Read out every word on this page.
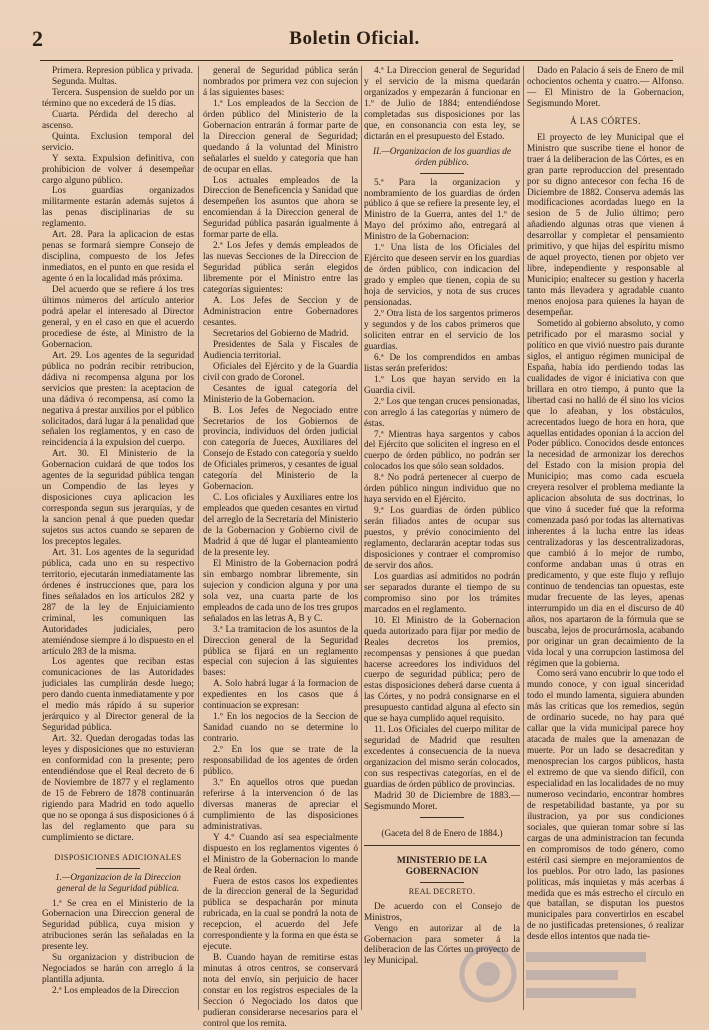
2	Boletin Oficial.

Primera. Represion pública y privada.

Segunda. Multas.

Tercera. Suspension de sueldo por un término que no excederá de 15 días.

Cuarta. Pérdida del derecho al ascenso.

Quinta. Exclusion temporal del servicio.

Y sexta. Expulsion definitiva, con prohibicion de volver á desempeñar cargo alguno público.

Los guardias organizados militarmente estarán además sujetos á las penas disciplinarias de su reglamento.

Art. 28. Para la aplicacion de estas penas se formará siempre Consejo de disciplina, compuesto de los Jefes inmediatos, en el punto en que resida el agente ó en la localidad más próxima.

Del acuerdo que se refiere á los tres últimos números del artículo anterior podrá apelar el interesado al Director general, y en el caso en que el acuerdo procediese de éste, al Ministro de la Gobernacion.

Art. 29. Los agentes de la seguridad pública no podrán recibir retribucion, dádiva ni recompensa alguna por los servicios que presten: la aceptacion de una dádiva ó recompensa, así como la negativa á prestar auxilios por el público solicitados, dará lugar á la penalidad que señalen los reglamentos, y en caso de reincidencia á la expulsion del cuerpo.

Art. 30. El Ministerio de la Gobernacion cuidará de que todos los agentes de la seguridad pública tengan un Compendio de las leyes y disposiciones cuya aplicacion les corresponda segun sus jerarquías, y de la sancion penal á que pueden quedar sujetos sus actos cuando se separen de los preceptos legales.

Art. 31. Los agentes de la seguridad pública, cada uno en su respectivo territorio, ejecutarán inmediatamente las órdenes é instrucciones que, para los fines señalados en los artículos 282 y 287 de la ley de Enjuiciamiento criminal, les comuniquen las Autoridades judiciales, pero atemiéndose siempre á lo dispuesto en el artículo 283 de la misma.

Los agentes que reciban estas comunicaciones de las Autoridades judiciales las cumplirán desde luego; pero dando cuenta inmediatamente y por el medio más rápido á su superior jerárquico y al Director general de la Seguridad pública.

Art. 32. Quedan derogadas todas las leyes y disposiciones que no estuvieran en conformidad con la presente; pero entendiéndose que el Real decreto de 6 de Noviembre de 1877 y el reglamento de 15 de Febrero de 1878 continuarán rigiendo para Madrid en todo aquello que no se oponga á sus disposiciones ó á las del reglamento que para su cumplimiento se dictare.

DISPOSICIONES ADICIONALES
1.—Organizacion de la Direccion general de la Seguridad pública.

1.ª Se crea en el Ministerio de la Gobernacion una Direccion general de Seguridad pública, cuya mision y atribuciones serán las señaladas en la presente ley.

Su organizacion y distribucion de Negociados se harán con arreglo á la plantilla adjunta.

2.ª Los empleados de la Direccion

general de Seguridad pública serán nombrados por primera vez con sujecion á las siguientes bases:

1.ª Los empleados de la Seccion de órden público del Ministerio de la Gobernacion entrarán á formar parte de la Direccion general de Seguridad; quedando á la voluntad del Ministro señalarles el sueldo y categoría que han de ocupar en ellas.

Los actuales empleados de la Direccion de Beneficencia y Sanidad que desempeñen los asuntos que ahora se encomiendan á la Direccion general de Seguridad pública pasarán igualmente á formar parte de ella.

2.ª Los Jefes y demás empleados de las nuevas Secciones de la Direccion de Seguridad pública serán elegidos libremente por el Ministro entre las categorías siguientes:

A. Los Jefes de Seccion y de Administracion entre Gobernadores cesantes.

Secretarios del Gobierno de Madrid.

Presidentes de Sala y Fiscales de Audiencia territorial.

Oficiales del Ejército y de la Guardia civil con grado de Coronel.

Cesantes de igual categoría del Ministerio de la Gobernacion.

B. Los Jefes de Negociado entre Secretarios de los Gobiernos de provincia, individuos del órden judicial con categoría de Jueces, Auxiliares del Consejo de Estado con categoría y sueldo de Oficiales primeros, y cesantes de igual categoría del Ministerio de la Gobernacion.

C. Los oficiales y Auxiliares entre los empleados que queden cesantes en virtud del arreglo de la Secretaría del Ministerio de la Gobernacion y Gobierno civil de Madrid á que dé lugar el planteamiento de la presente ley.

El Ministro de la Gobernacion podrá sin embargo nombrar libremente, sin sujecion y condicion alguna y por una sola vez, una cuarta parte de los empleados de cada uno de los tres grupos señalados en las letras A, B y C.

3.ª La tramitacion de los asuntos de la Direccion general de la Seguridad pública se fijará en un reglamento especial con sujecion á las siguientes bases:

A. Solo habrá lugar á la formacion de expedientes en los casos que á continuacion se expresan:

1.º En los negocios de la Seccion de Sanidad cuando no se determine lo contrario.

2.º En los que se trate de la responsabilidad de los agentes de órden público.

3.º En aquellos otros que puedan referirse á la intervencion ó de las diversas maneras de apreciar el cumplimiento de las disposiciones administrativas.

Y 4.º Cuando así sea especialmente dispuesto en los reglamentos vigentes ó el Ministro de la Gobernacion lo mande de Real órden.

Fuera de estos casos los expedientes de la direccion general de la Seguridad pública se despacharán por minuta rubricada, en la cual se pondrá la nota de recepcion, el acuerdo del Jefe correspondiente y la forma en que ésta se ejecute.

B. Cuando hayan de remitirse estas minutas á otros centros, se conservará nota del envío, sin perjuicio de hacer constar en los registros especiales de la Seccion ó Negociado los datos que pudieran considerarse necesarios para el control que los remita.

4.ª La Direccion general de Seguridad y el servicio de la misma quedarán organizados y empezarán á funcionar en 1.º de Julio de 1884; entendiéndose completadas sus disposiciones por las que, en consonancia con esta ley, se dictarán en el presupuesto del Estado.

II.—Organizacion de los guardias de órden público.

5.ª Para la organizacion y nombramiento de los guardias de órden público á que se refiere la presente ley, el Ministro de la Guerra, antes del 1.º de Mayo del próximo año, entregará al Ministro de la Gobernacion:

1.º Una lista de los Oficiales del Ejército que deseen servir en los guardias de órden público, con indicacion del grado y empleo que tienen, copia de su hoja de servicios, y nota de sus cruces pensionadas.

2.º Otra lista de los sargentos primeros y segundos y de los cabos primeros que soliciten entrar en el servicio de los guardias.

6.ª De los comprendidos en ambas listas serán preferidos:

1.º Los que hayan servido en la Guardia civil.

2.º Los que tengan cruces pensionadas, con arreglo á las categorías y número de éstas.

7.ª Mientras haya sargentos y cabos del Ejército que soliciten el ingreso en el cuerpo de órden público, no podrán ser colocados los que sólo sean soldados.

8.ª No podrá pertenecer al cuerpo de órden público ningun individuo que no haya servido en el Ejército.

9.ª Los guardias de órden público serán filiados antes de ocupar sus puestos, y prévio conocimiento del reglamento, declararán aceptar todas sus disposiciones y contraer el compromiso de servir dos años.

Los guardias así admitidos no podrán ser separados durante el tiempo de su compromiso sino por los trámites marcados en el reglamento.

10. El Ministro de la Gobernacion queda autorizado para fijar por medio de Reales decretos los premios, recompensas y pensiones á que puedan hacerse acreedores los individuos del cuerpo de seguridad pública; pero de estas disposiciones deberá darse cuenta á las Córtes, y no podrá consignarse en el presupuesto cantidad alguna al efecto sin que se haya cumplido aquel requisito.

11. Los Oficiales del cuerpo militar de seguridad de Madrid que resulten excedentes á consecuencia de la nueva organizacion del mismo serán colocados, con sus respectivas categorías, en el de guardias de órden público de provincias.

Madrid 30 de Diciembre de 1883.—Segismundo Moret.

(Gaceta del 8 de Enero de 1884.)
MINISTERIO DE LA GOBERNACION
REAL DECRETO.

De acuerdo con el Consejo de Ministros,

Vengo en autorizar al de la Gobernacion para someter á la deliberacion de las Córtes un proyecto de ley Municipal.

Dado en Palacio á seis de Enero de mil ochocientos ochenta y cuatro.— Alfonso.— El Ministro de la Gobernacion, Segismundo Moret.

Á LAS CÓRTES.

El proyecto de ley Municipal que el Ministro que suscribe tiene el honor de traer á la deliberacion de las Córtes, es en gran parte reproduccion del presentado por su digno antecesor con fecha 16 de Diciembre de 1882. Conserva además las modificaciones acordadas luego en la sesion de 5 de Julio último; pero añadiendo algunas otras que vienen á desarrollar y completar el pensamiento primitivo, y que hijas del espíritu mismo de aquel proyecto, tienen por objeto ver libre, independiente y responsable al Municipio; enaltecer su gestion y hacerla tanto más llevadera y agradable cuanto menos enojosa para quienes la hayan de desempeñar.

Sometido al gobierno absoluto, y como petrificado por el marasmo social y político en que vivió nuestro país durante siglos, el antiguo régimen municipal de España, había ido perdiendo todas las cualidades de vigor é iniciativa con que brillara en otro tiempo, á punto que la libertad casi no halló de él sino los vicios que lo afeaban, y los obstáculos, acrecentados luego de hora en hora, que aquellas entidades oponían á la accion del Poder público. Conocidos desde entonces la necesidad de armonizar los derechos del Estado con la mision propia del Municipio; mas como cada escuela creyera resolver el problema mediante la aplicacion absoluta de sus doctrinas, lo que vino á suceder fué que la reforma comenzada pasó por todas las alternativas inherentes á la lucha entre las ideas centralizadoras y las descentralizadoras, que cambió á lo mejor de rumbo, conforme andaban unas ú otras en predicamento, y que este flujo y reflujo continuo de tendencias tan opuestas, este mudar frecuente de las leyes, apenas interrumpido un dia en el discurso de 40 años, nos apartaron de la fórmula que se buscaba, lejos de procurárnosla, acabando por originar un gran decaimiento de la vida local y una corrupcion lastimosa del régimen que la gobierna.

Como será vano encubrir lo que todo el mundo conoce, y con igual sinceridad todo el mundo lamenta, siguiera abunden más las críticas que los remedios, según de ordinario sucede, no hay para qué callar que la vida municipal parece hoy atacada de males que la amenazan de muerte. Por un lado se desacreditan y menosprecian los cargos públicos, hasta el extremo de que va siendo difícil, con especialidad en las localidades de no muy numeroso vecindario, encontrar hombres de respetabilidad bastante, ya por su ilustracion, ya por sus condiciones sociales, que quieran tomar sobre sí las cargas de una administracion tan fecunda en compromisos de todo género, como estéril casi siempre en mejoramientos de los pueblos. Por otro lado, las pasiones políticas, más inquietas y más acerbas á medida que es más estrecho el círculo en que batallan, se disputan los puestos municipales para convertirlos en escabel de no justificadas pretensiones, ó realizar desde ellos intentos que nada tie-
